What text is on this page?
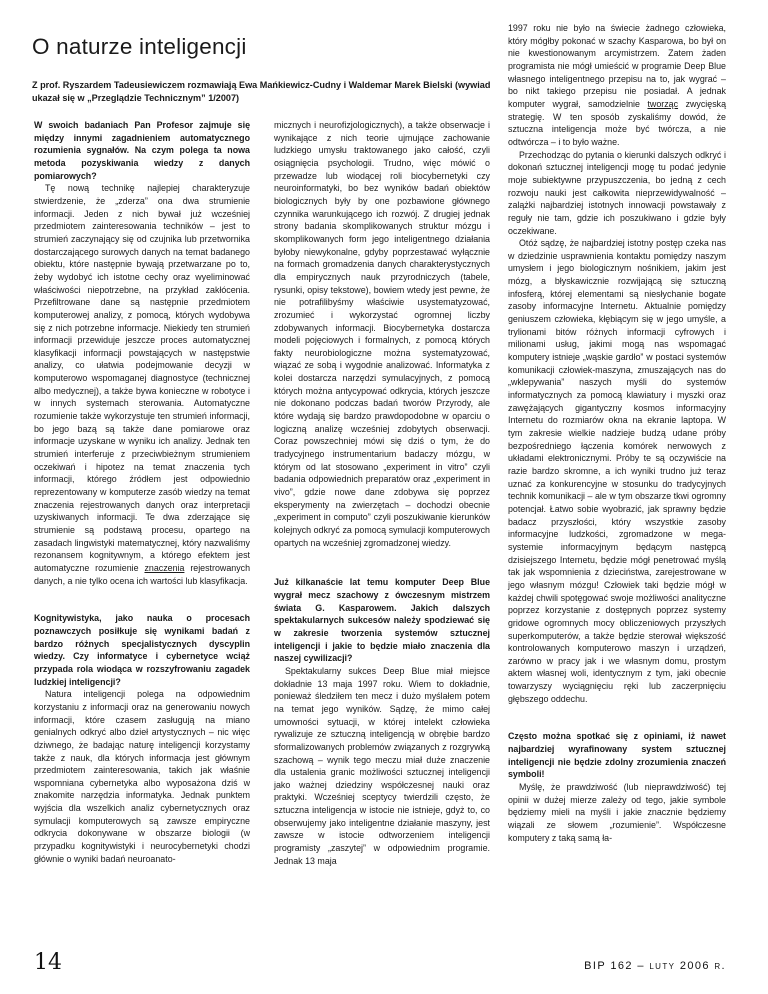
O naturze inteligencji

Z prof. Ryszardem Tadeusiewiczem rozmawiają Ewa Mańkiewicz-Cudny i Waldemar Marek Bielski (wywiad ukazał się w „Przeglądzie Technicznym” 1/2007)

W swoich badaniach Pan Profesor zajmuje się między innymi zagadnieniem automatycznego rozumienia sygnałów. Na czym polega ta nowa metoda pozyskiwania wiedzy z danych pomiarowych?

Tę nową technikę najlepiej charakteryzuje stwierdzenie, że „zderza” ona dwa strumienie informacji. Jeden z nich bywał już wcześniej przedmiotem zainteresowania techników – jest to strumień zaczynający się od czujnika lub przetwornika dostarczającego surowych danych na temat badanego obiektu, które następnie bywają przetwarzane po to, żeby wydobyć ich istotne cechy oraz wyeliminować właściwości niepotrzebne, na przykład zakłócenia. Przefiltrowane dane są następnie przedmiotem komputerowej analizy, z pomocą, których wydobywa się z nich potrzebne informacje. Niekiedy ten strumień informacji przewiduje jeszcze proces automatycznej klasyfikacji informacji powstających w następstwie analizy, co ułatwia podejmowanie decyzji w komputerowo wspomaganej diagnostyce (technicznej albo medycznej), a także bywa konieczne w robotyce i w innych systemach sterowania. Automatyczne rozumienie także wykorzystuje ten strumień informacji, bo jego bazą są także dane pomiarowe oraz informacje uzyskane w wyniku ich analizy. Jednak ten strumień interferuje z przeciwbieżnym strumieniem oczekiwań i hipotez na temat znaczenia tych informacji, którego źródłem jest odpowiednio reprezentowany w komputerze zasób wiedzy na temat znaczenia rejestrowanych danych oraz interpretacji uzyskiwanych informacji. Te dwa zderzające się strumienie są podstawą procesu, opartego na zasadach lingwistyki matematycznej, który nazwaliśmy rezonansem kognitywnym, a którego efektem jest automatyczne rozumienie znaczenia rejestrowanych danych, a nie tylko ocena ich wartości lub klasyfikacja.

Kognitywistyka, jako nauka o procesach poznawczych posiłkuje się wynikami badań z bardzo różnych specjalistycznych dyscyplin wiedzy. Czy informatyce i cybernetyce wciąż przypada rola wiodąca w rozszyfrowaniu zagadek ludzkiej inteligencji?

Natura inteligencji polega na odpowiednim korzystaniu z informacji oraz na generowaniu nowych informacji, które czasem zasługują na miano genialnych odkryć albo dzieł artystycznych – nic więc dziwnego, że badając naturę inteligencji korzystamy także z nauk, dla których informacja jest głównym przedmiotem zainteresowania, takich jak właśnie wspomniana cybernetyka albo wyposażona dziś w znakomite narzędzia informatyka. Jednak punktem wyjścia dla wszelkich analiz cybernetycznych oraz symulacji komputerowych są zawsze empiryczne odkrycia dokonywane w obszarze biologii (w przypadku kognitywistyki i neurocybernetyki chodzi głównie o wyniki badań neuroanato-

micznych i neurofizjologicznych), a także obserwacje i wynikające z nich teorie ujmujące zachowanie ludzkiego umysłu traktowanego jako całość, czyli osiągnięcia psychologii. Trudno, więc mówić o przewadze lub wiodącej roli biocybernetyki czy neuroinformatyki, bo bez wyników badań obiektów biologicznych były by one pozbawione głównego czynnika warunkującego ich rozwój. Z drugiej jednak strony badania skomplikowanych struktur mózgu i skomplikowanych form jego inteligentnego działania byłoby niewykonalne, gdyby poprzestawać wyłącznie na formach gromadzenia danych charakterystycznych dla empirycznych nauk przyrodniczych (tabele, rysunki, opisy tekstowe), bowiem wtedy jest pewne, że nie potrafilibyśmy właściwie usystematyzować, zrozumieć i wykorzystać ogromnej liczby zdobywanych informacji. Biocybernetyka dostarcza modeli pojęciowych i formalnych, z pomocą których fakty neurobiologiczne można systematyzować, wiązać ze sobą i wygodnie analizować. Informatyka z kolei dostarcza narzędzi symulacyjnych, z pomocą których można antycypować odkrycia, których jeszcze nie dokonano podczas badań tworów Przyrody, ale które wydają się bardzo prawdopodobne w oparciu o logiczną analizę wcześniej zdobytych obserwacji. Coraz powszechniej mówi się dziś o tym, że do tradycyjnego instrumentarium badaczy mózgu, w którym od lat stosowano „experiment in vitro” czyli badania odpowiednich preparatów oraz „experiment in vivo”, gdzie nowe dane zdobywa się poprzez eksperymenty na zwierzętach – dochodzi obecnie „experiment in computo” czyli poszukiwanie kierunków kolejnych odkryć za pomocą symulacji komputerowych opartych na wcześniej zgromadzonej wiedzy.

Już kilkanaście lat temu komputer Deep Blue wygrał mecz szachowy z ówczesnym mistrzem świata G. Kasparowem. Jakich dalszych spektakularnych sukcesów należy spodziewać się w zakresie tworzenia systemów sztucznej inteligencji i jakie to będzie miało znaczenia dla naszej cywilizacji?

Spektakularny sukces Deep Blue miał miejsce dokładnie 13 maja 1997 roku. Wiem to dokładnie, ponieważ śledziłem ten mecz i dużo myślałem potem na temat jego wyników. Sądzę, że mimo całej umowności sytuacji, w której intelekt człowieka rywalizuje ze sztuczną inteligencją w obrębie bardzo sformalizowanych problemów związanych z rozgrywką szachową – wynik tego meczu miał duże znaczenie dla ustalenia granic możliwości sztucznej inteligencji jako ważnej dziedziny współczesnej nauki oraz praktyki. Wcześniej sceptycy twierdzili często, że sztuczna inteligencja w istocie nie istnieje, gdyż to, co obserwujemy jako inteligentne działanie maszyny, jest zawsze w istocie odtworzeniem inteligencji programisty „zaszytej” w odpowiednim programie. Jednak 13 maja

1997 roku nie było na świecie żadnego człowieka, który mógłby pokonać w szachy Kasparowa, bo był on nie kwestionowanym arcymistrzem. Zatem żaden programista nie mógł umieścić w programie Deep Blue własnego inteligentnego przepisu na to, jak wygrać – bo nikt takiego przepisu nie posiadał. A jednak komputer wygrał, samodzielnie tworząc zwycięską strategię. W ten sposób zyskaliśmy dowód, że sztuczna inteligencja może być twórcza, a nie odtwórcza – i to było ważne.

Przechodząc do pytania o kierunki dalszych odkryć i dokonań sztucznej inteligencji mogę tu podać jedynie moje subiektywne przypuszczenia, bo jedną z cech rozwoju nauki jest całkowita nieprzewidywalność – zalążki najbardziej istotnych innowacji powstawały z reguły nie tam, gdzie ich poszukiwano i gdzie były oczekiwane.

Otóż sądzę, że najbardziej istotny postęp czeka nas w dziedzinie usprawnienia kontaktu pomiędzy naszym umysłem i jego biologicznym nośnikiem, jakim jest mózg, a błyskawicznie rozwijającą się sztuczną infosferą, której elementami są niesłychanie bogate zasoby informacyjne Internetu. Aktualnie pomiędzy geniuszem człowieka, kłębiącym się w jego umyśle, a trylionami bitów różnych informacji cyfrowych i milionami usług, jakimi mogą nas wspomagać komputery istnieje „wąskie gardło” w postaci systemów komunikacji człowiek-maszyna, zmuszających nas do „wklepywania” naszych myśli do systemów informatycznych za pomocą klawiatury i myszki oraz zawężających gigantyczny kosmos informacyjny Internetu do rozmiarów okna na ekranie laptopa. W tym zakresie wielkie nadzieje budzą udane próby bezpośredniego łączenia komórek nerwowych z układami elektronicznymi. Próby te są oczywiście na razie bardzo skromne, a ich wyniki trudno już teraz uznać za konkurencyjne w stosunku do tradycyjnych technik komunikacji – ale w tym obszarze tkwi ogromny potencjał. Łatwo sobie wyobrazić, jak sprawny będzie badacz przyszłości, który wszystkie zasoby informacyjne ludzkości, zgromadzone w mega-systemie informacyjnym będącym następcą dzisiejszego Internetu, będzie mógł penetrować myślą tak jak wspomnienia z dzieciństwa, zarejestrowane w jego własnym mózgu! Człowiek taki będzie mógł w każdej chwili spotęgować swoje możliwości analityczne poprzez korzystanie z dostępnych poprzez systemy gridowe ogromnych mocy obliczeniowych przyszłych superkomputerów, a także będzie sterował większość kontrolowanych komputerowo maszyn i urządzeń, zarówno w pracy jak i we własnym domu, prostym aktem własnej woli, identycznym z tym, jaki obecnie towarzyszy wyciągnięciu ręki lub zaczerpnięciu głębszego oddechu.

Często można spotkać się z opiniami, iż nawet najbardziej wyrafinowany system sztucznej inteligencji nie będzie zdolny zrozumienia znaczeń symboli!

Myślę, że prawdziwość (lub nieprawdziwość) tej opinii w dużej mierze zależy od tego, jakie symbole będziemy mieli na myśli i jakie znacznie będziemy wiązali ze słowem „rozumienie”. Współczesne komputery z taką samą ła-

14	BIP 162 – luty 2006 r.
